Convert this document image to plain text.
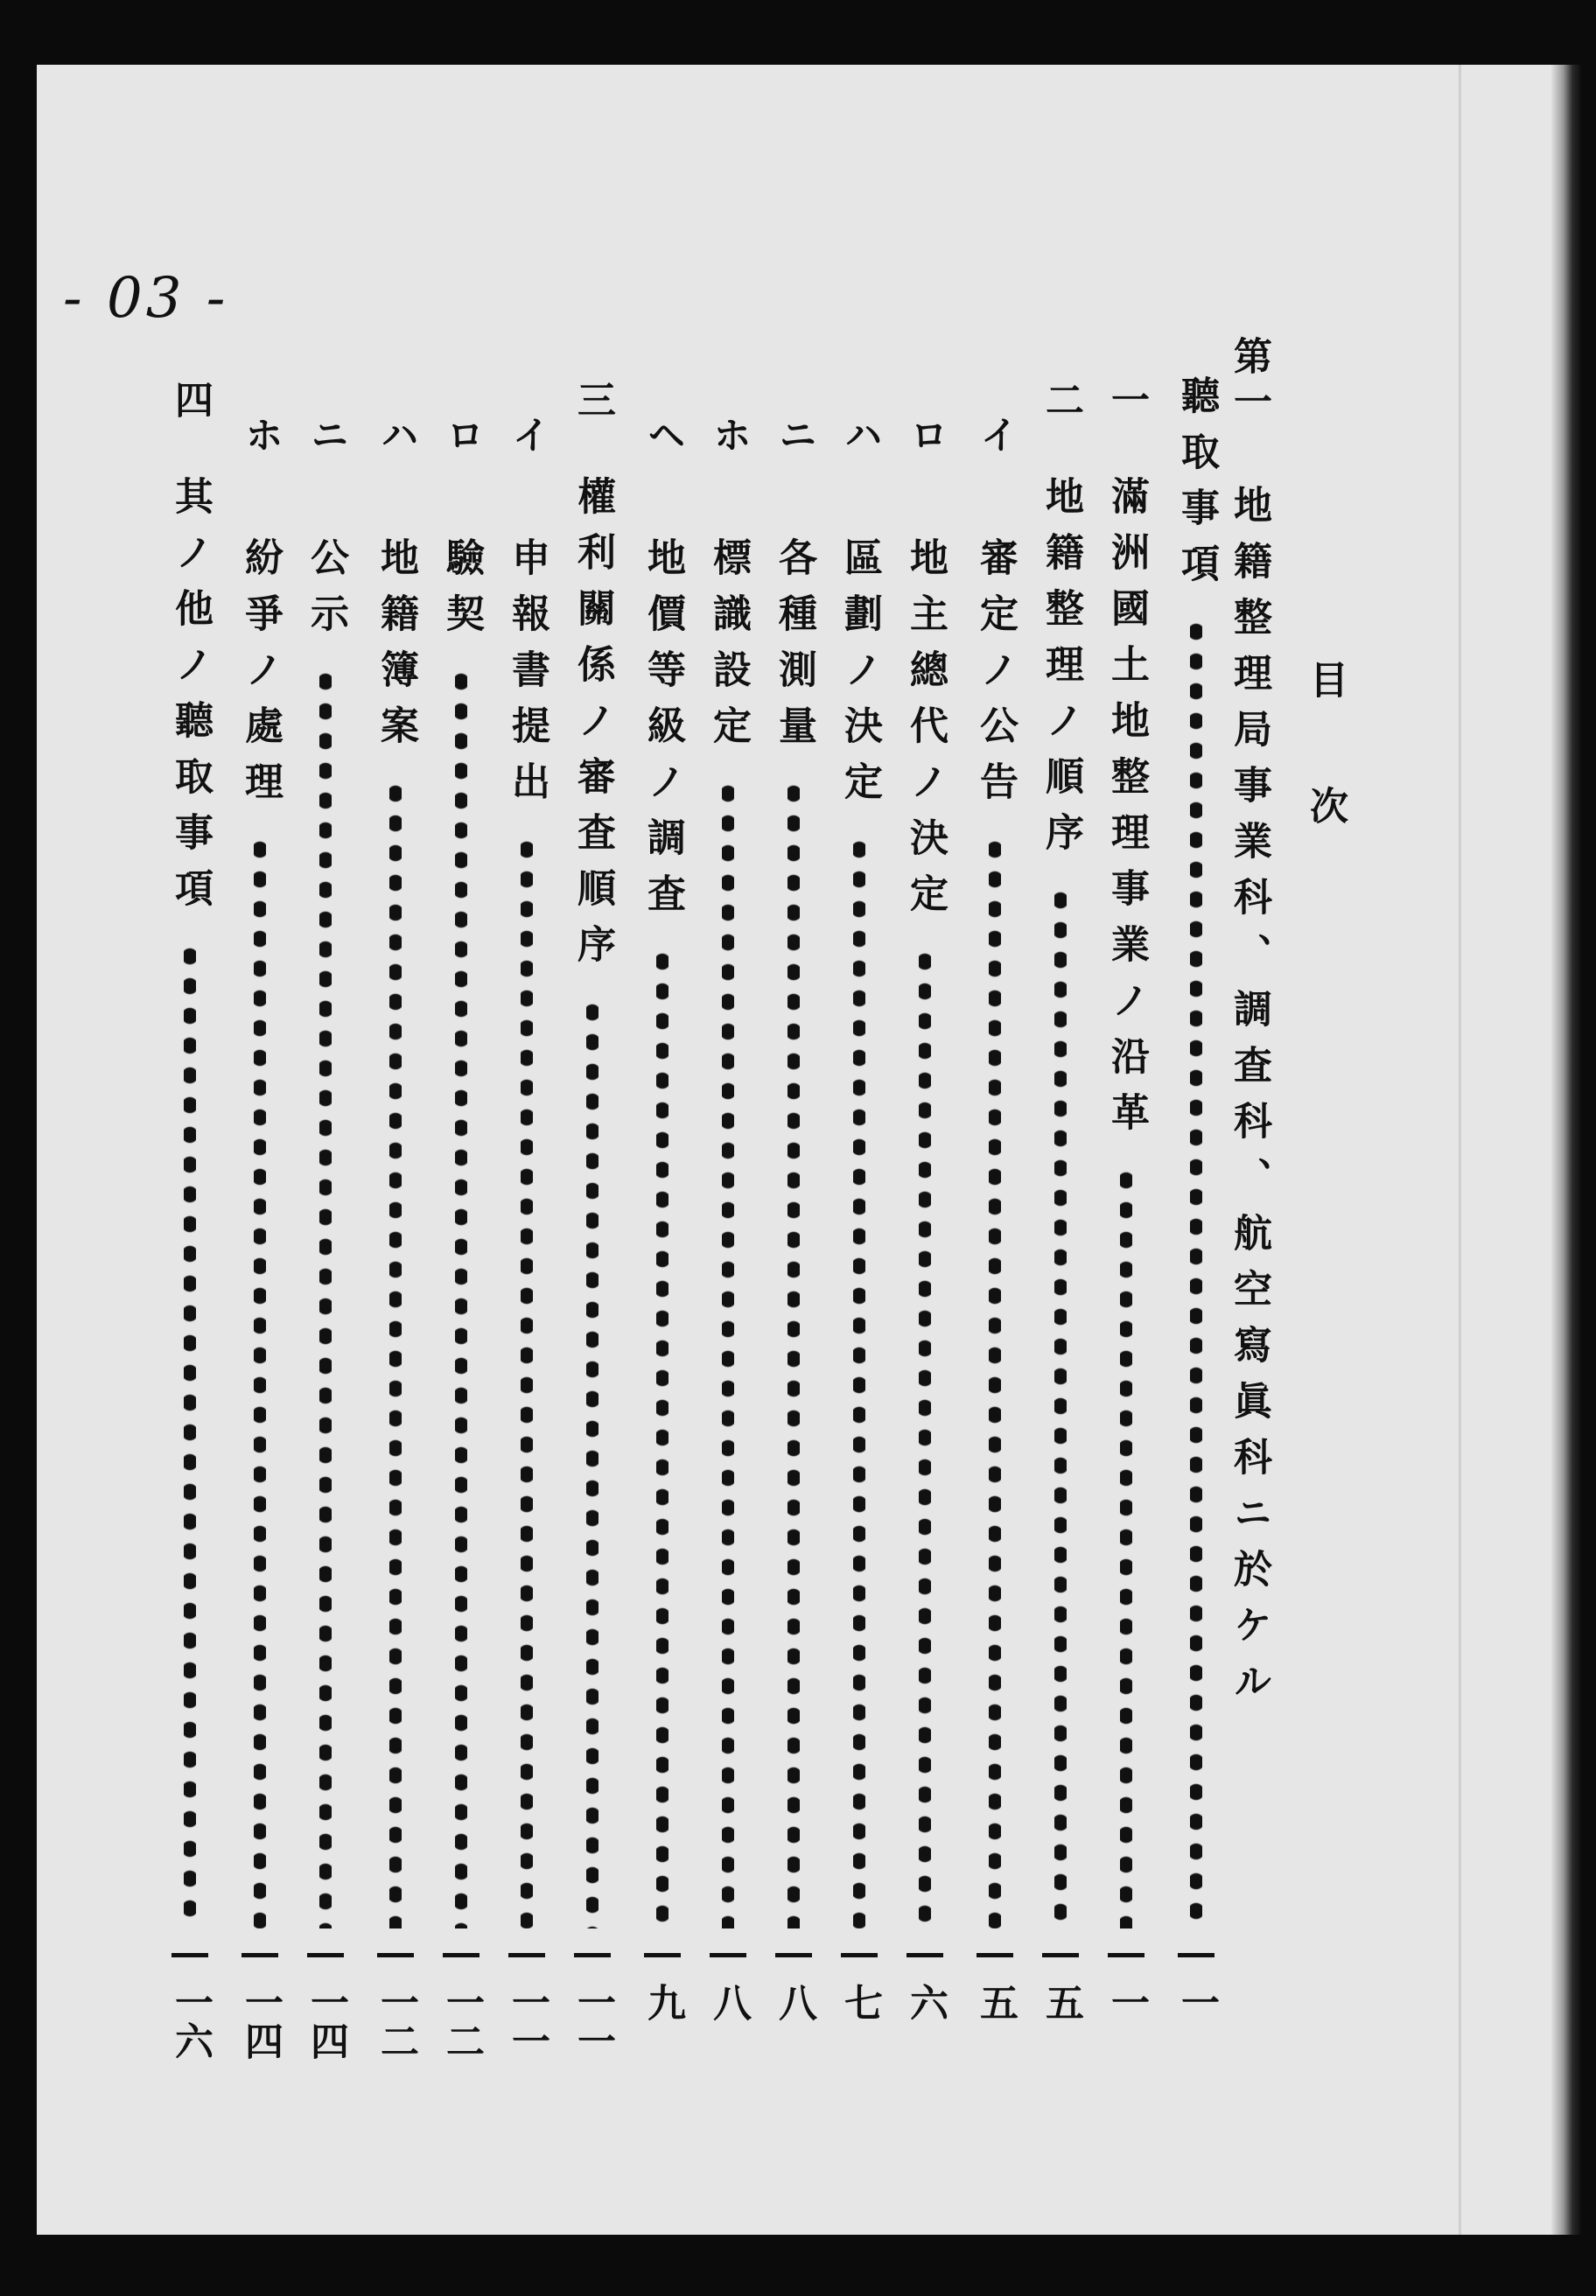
- 03 -
目次
第一
地籍整理局事業科、調査科、航空寫眞科ニ於ケル
聽取事項
一
一
滿洲國土地整理事業ノ沿革
一
二
地籍整理ノ順序
五
イ
審定ノ公告
五
ロ
地主總代ノ決定
六
ハ
區劃ノ決定
七
ニ
各種測量
八
ホ
標識設定
八
ヘ
地價等級ノ調査
九
三
權利關係ノ審査順序
一一
イ
申報書提出
一一
ロ
驗契
一二
ハ
地籍簿案
一二
ニ
公示
一四
ホ
紛爭ノ處理
一四
四
其ノ他ノ聽取事項
一六
